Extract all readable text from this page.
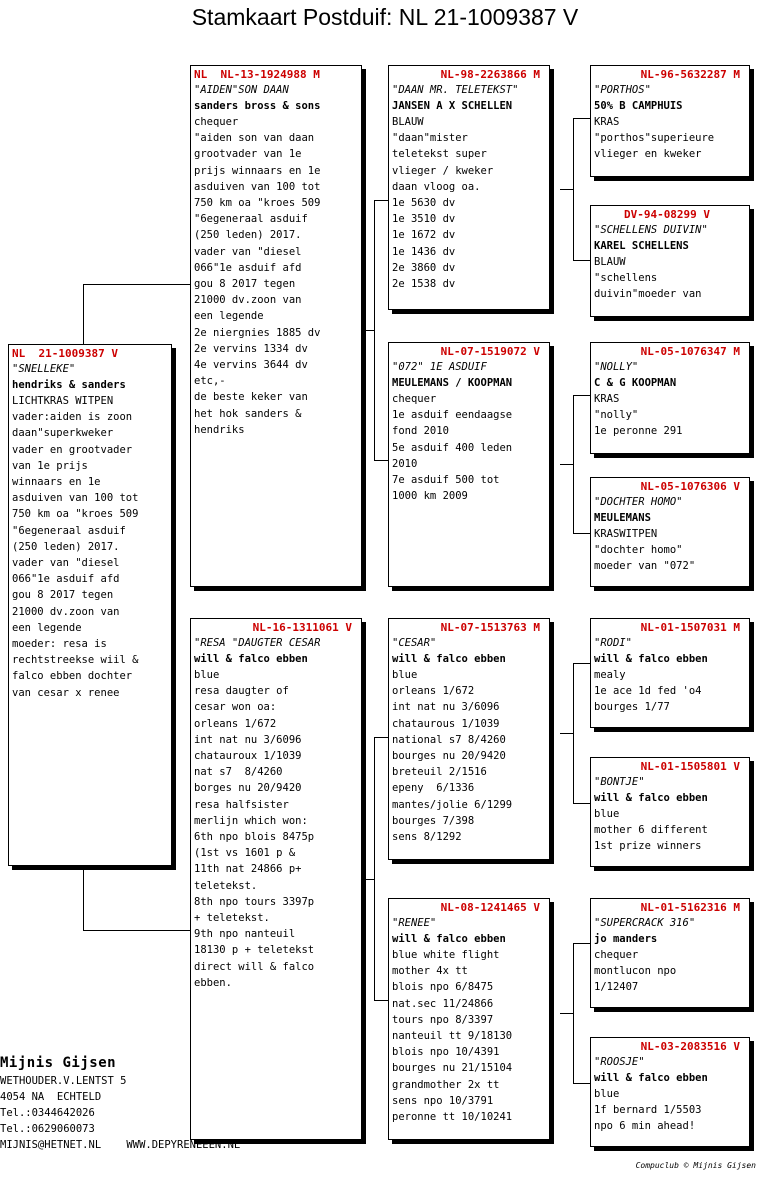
Stamkaart Postduif: NL 21-1009387 V
NL  21-1009387 V
"SNELLEKE"
hendriks & sanders
LICHTKRAS WITPEN
vader:aiden is zoon
daan"superkweker
vader en grootvader
van 1e prijs
winnaars en 1e
asduiven van 100 tot
750 km oa "kroes 509
"6egeneraal asduif
(250 leden) 2017.
vader van "diesel
066"1e asduif afd
gou 8 2017 tegen
21000 dv.zoon van
een legende
moeder: resa is
rechtstreekse wiil &
falco ebben dochter
van cesar x renee
NL  NL-13-1924988 M
"AIDEN"SON DAAN
sanders bross & sons
chequer
"aiden son van daan
grootvader van 1e
prijs winnaars en 1e
asduiven van 100 tot
750 km oa "kroes 509
"6egeneraal asduif
(250 leden) 2017.
vader van "diesel
066"1e asduif afd
gou 8 2017 tegen
21000 dv.zoon van
een legende
2e niergnies 1885 dv
2e vervins 1334 dv
4e vervins 3644 dv
etc,-
de beste keker van
het hok sanders &
hendriks
NL-16-1311061 V
"RESA "DAUGTER CESAR
will & falco ebben
blue
resa daugter of
cesar won oa:
orleans 1/672
int nat nu 3/6096
chatauroux 1/1039
nat s7  8/4260
borges nu 20/9420
resa halfsister
merlijn which won:
6th npo blois 8475p
(1st vs 1601 p &
11th nat 24866 p+
teletekst.
8th npo tours 3397p
+ teletekst.
9th npo nanteuil
18130 p + teletekst
direct will & falco
ebben.
NL-98-2263866 M
"DAAN MR. TELETEKST"
JANSEN A X SCHELLEN
BLAUW
"daan"mister
teletekst super
vlieger / kweker
daan vloog oa.
1e 5630 dv
1e 3510 dv
1e 1672 dv
1e 1436 dv
2e 3860 dv
2e 1538 dv
NL-07-1519072 V
"072" 1E ASDUIF
MEULEMANS / KOOPMAN
chequer
1e asduif eendaagse
fond 2010
5e asduif 400 leden
2010
7e asduif 500 tot
1000 km 2009
NL-07-1513763 M
"CESAR"
will & falco ebben
blue
orleans 1/672
int nat nu 3/6096
chataurous 1/1039
national s7 8/4260
bourges nu 20/9420
breteuil 2/1516
epeny  6/1336
mantes/jolie 6/1299
bourges 7/398
sens 8/1292
NL-08-1241465 V
"RENEE"
will & falco ebben
blue white flight
mother 4x tt
blois npo 6/8475
nat.sec 11/24866
tours npo 8/3397
nanteuil tt 9/18130
blois npo 10/4391
bourges nu 21/15104
grandmother 2x tt
sens npo 10/3791
peronne tt 10/10241
NL-96-5632287 M
"PORTHOS"
50% B CAMPHUIS
KRAS
"porthos"superieure
vlieger en kweker
DV-94-08299 V
"SCHELLENS DUIVIN"
KAREL SCHELLENS
BLAUW
"schellens
duivin"moeder van
NL-05-1076347 M
"NOLLY"
C & G KOOPMAN
KRAS
"nolly"
1e peronne 291
NL-05-1076306 V
"DOCHTER HOMO"
MEULEMANS
KRASWITPEN
"dochter homo"
moeder van "072"
NL-01-1507031 M
"RODI"
will & falco ebben
mealy
1e ace 1d fed 'o4
bourges 1/77
NL-01-1505801 V
"BONTJE"
will & falco ebben
blue
mother 6 different
1st prize winners
NL-01-5162316 M
"SUPERCRACK 316"
jo manders
chequer
montlucon npo
1/12407
NL-03-2083516 V
"ROOSJE"
will & falco ebben
blue
1f bernard 1/5503
npo 6 min ahead!
Mijnis Gijsen
WETHOUDER.V.LENTST 5
4054 NA  ECHTELD
Tel.:0344642026
Tel.:0629060073
MIJNIS@HETNET.NL    WWW.DEPYRENEEEN.NL
Compuclub © Mijnis Gijsen
